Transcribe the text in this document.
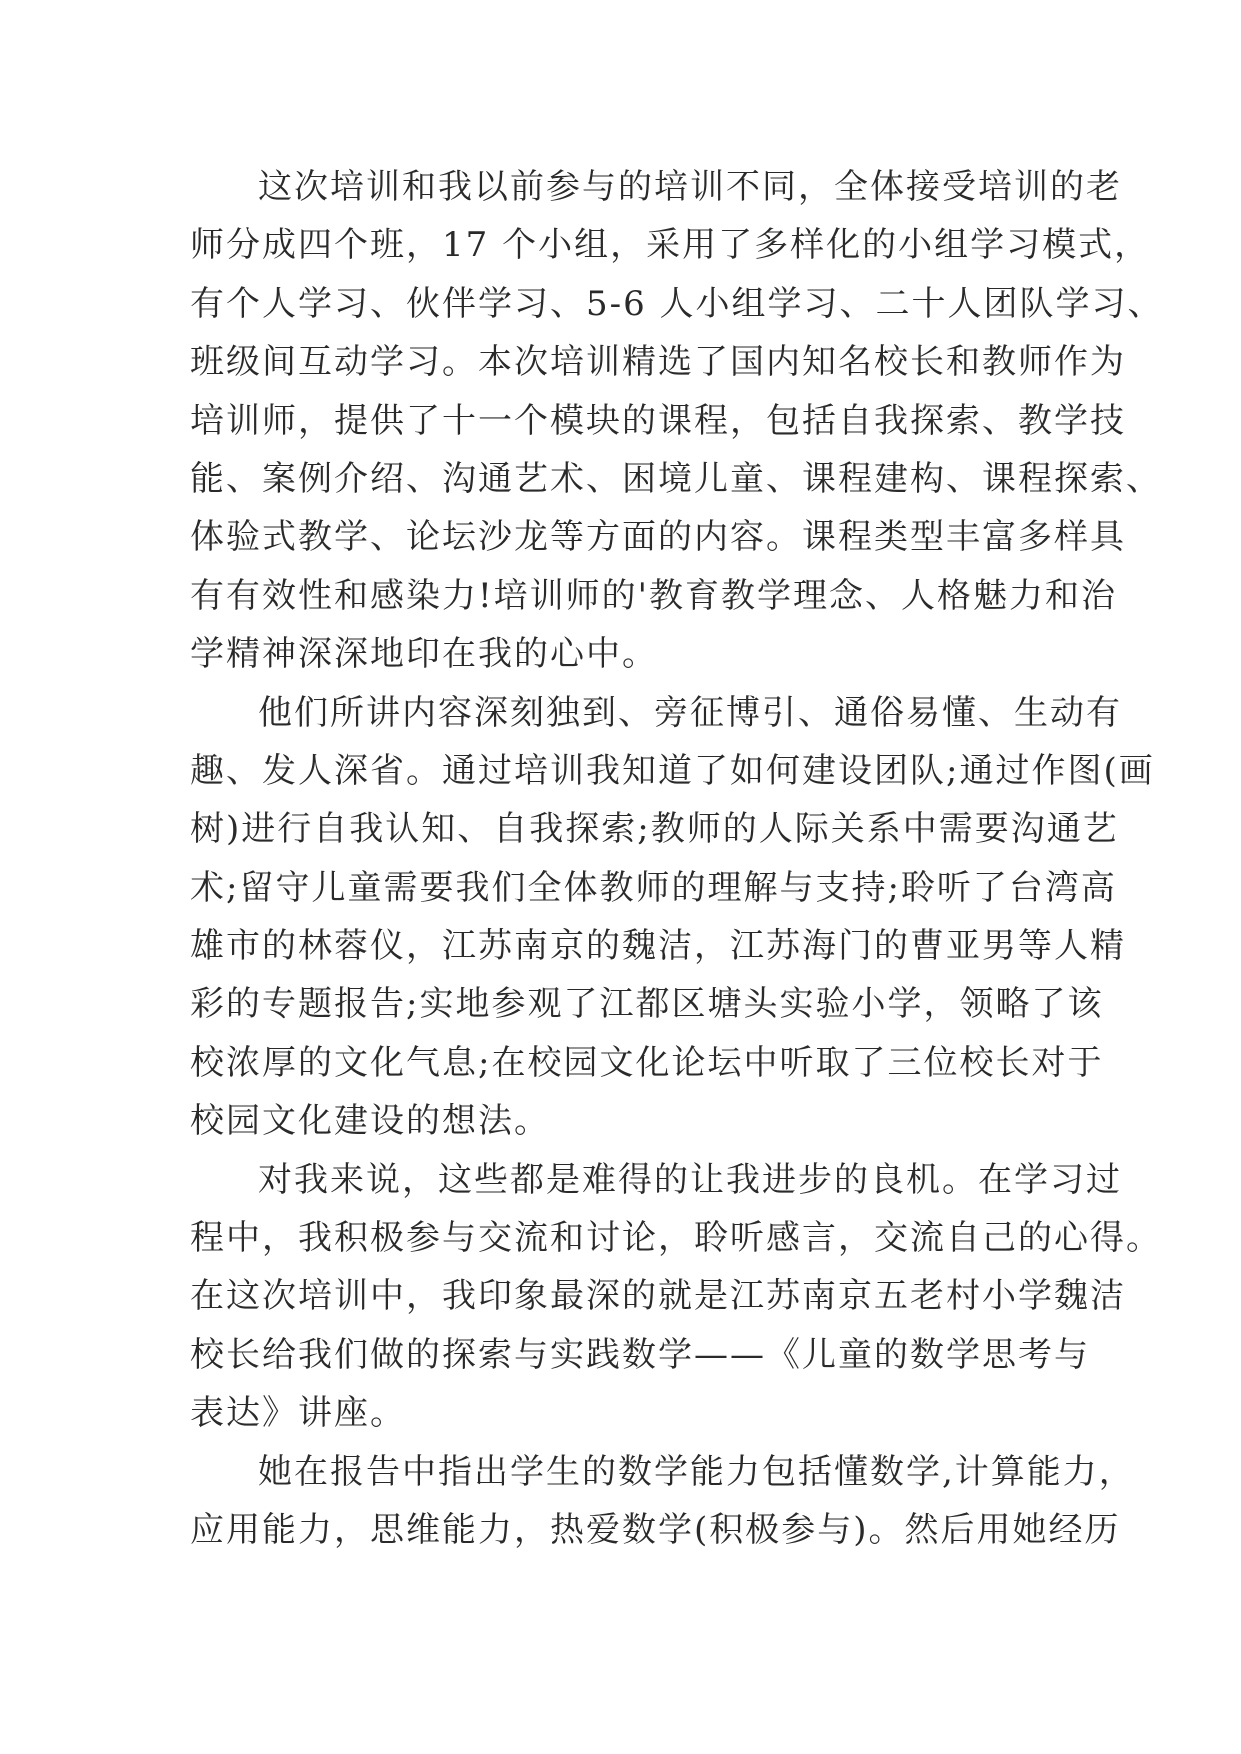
这次培训和我以前参与的培训不同，全体接受培训的老
师分成四个班，17 个小组，采用了多样化的小组学习模式，
有个人学习、伙伴学习、5-6 人小组学习、二十人团队学习、
班级间互动学习。本次培训精选了国内知名校长和教师作为
培训师，提供了十一个模块的课程，包括自我探索、教学技
能、案例介绍、沟通艺术、困境儿童、课程建构、课程探索、
体验式教学、论坛沙龙等方面的内容。课程类型丰富多样具
有有效性和感染力!培训师的'教育教学理念、人格魅力和治
学精神深深地印在我的心中。
他们所讲内容深刻独到、旁征博引、通俗易懂、生动有
趣、发人深省。通过培训我知道了如何建设团队;通过作图(画
树)进行自我认知、自我探索;教师的人际关系中需要沟通艺
术;留守儿童需要我们全体教师的理解与支持;聆听了台湾高
雄市的林蓉仪，江苏南京的魏洁，江苏海门的曹亚男等人精
彩的专题报告;实地参观了江都区塘头实验小学，领略了该
校浓厚的文化气息;在校园文化论坛中听取了三位校长对于
校园文化建设的想法。
对我来说，这些都是难得的让我进步的良机。在学习过
程中，我积极参与交流和讨论，聆听感言，交流自己的心得。
在这次培训中，我印象最深的就是江苏南京五老村小学魏洁
校长给我们做的探索与实践数学——《儿童的数学思考与
表达》讲座。
她在报告中指出学生的数学能力包括懂数学,计算能力，
应用能力，思维能力，热爱数学(积极参与)。然后用她经历
